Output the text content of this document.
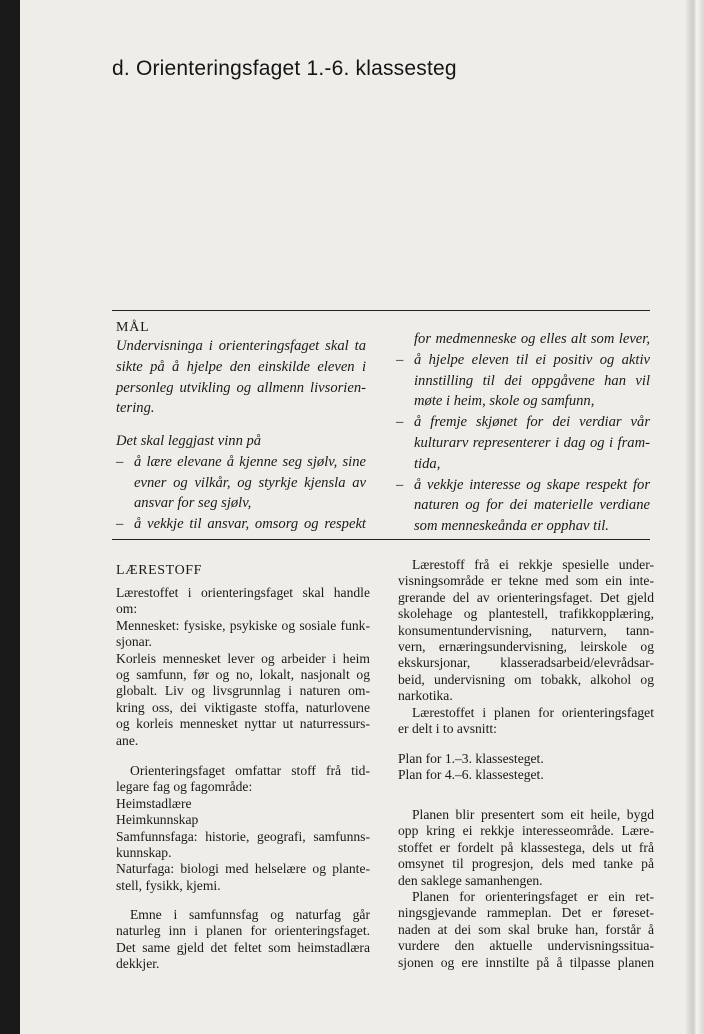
d. Orienteringsfaget 1.-6. klassesteg
MÅL
Undervisninga i orienteringsfaget skal ta
sikte på å hjelpe den einskilde eleven i
personleg utvikling og allmenn livsorien-
tering.
Det skal leggjast vinn på
– å lære elevane å kjenne seg sjølv, sine
evner og vilkår, og styrkje kjensla av
ansvar for seg sjølv,
– å vekkje til ansvar, omsorg og respekt
for medmenneske og elles alt som lever,
– å hjelpe eleven til ei positiv og aktiv
innstilling til dei oppgåvene han vil
møte i heim, skole og samfunn,
– å fremje skjønet for dei verdiar vår
kulturarv representerer i dag og i fram-
tida,
– å vekkje interesse og skape respekt for
naturen og for dei materielle verdiane
som menneskeånda er opphav til.
LÆRESTOFF
Lærestoffet i orienteringsfaget skal handle
om:
Mennesket: fysiske, psykiske og sosiale funk-
sjonar.
Korleis mennesket lever og arbeider i heim
og samfunn, før og no, lokalt, nasjonalt og
globalt. Liv og livsgrunnlag i naturen om-
kring oss, dei viktigaste stoffa, naturlovene
og korleis mennesket nyttar ut naturressurs-
ane.
Orienteringsfaget omfattar stoff frå tid-
legare fag og fagområde:
Heimstadlære
Heimkunnskap
Samfunnsfaga: historie, geografi, samfunns-
kunnskap.
Naturfaga: biologi med helselære og plante-
stell, fysikk, kjemi.
Emne i samfunnsfag og naturfag går
naturleg inn i planen for orienteringsfaget.
Det same gjeld det feltet som heimstadlæra
dekkjer.
Lærestoff frå ei rekkje spesielle under-
visningsområde er tekne med som ein inte-
grerande del av orienteringsfaget. Det gjeld
skolehage og plantestell, trafikkopplæring,
konsumentundervisning, naturvern, tann-
vern, ernæringsundervisning, leirskole og
ekskursjonar, klasseradsarbeid/elevrådsar-
beid, undervisning om tobakk, alkohol og
narkotika.
Lærestoffet i planen for orienteringsfaget
er delt i to avsnitt:
Plan for 1.–3. klassesteget.
Plan for 4.–6. klassesteget.
Planen blir presentert som eit heile, bygd
opp kring ei rekkje interesseområde. Lære-
stoffet er fordelt på klassestega, dels ut frå
omsynet til progresjon, dels med tanke på
den saklege samanhengen.
Planen for orienteringsfaget er ein ret-
ningsgjevande rammeplan. Det er føreset-
naden at dei som skal bruke han, forstår å
vurdere den aktuelle undervisningssitua-
sjonen og ere innstilte på å tilpasse planen
